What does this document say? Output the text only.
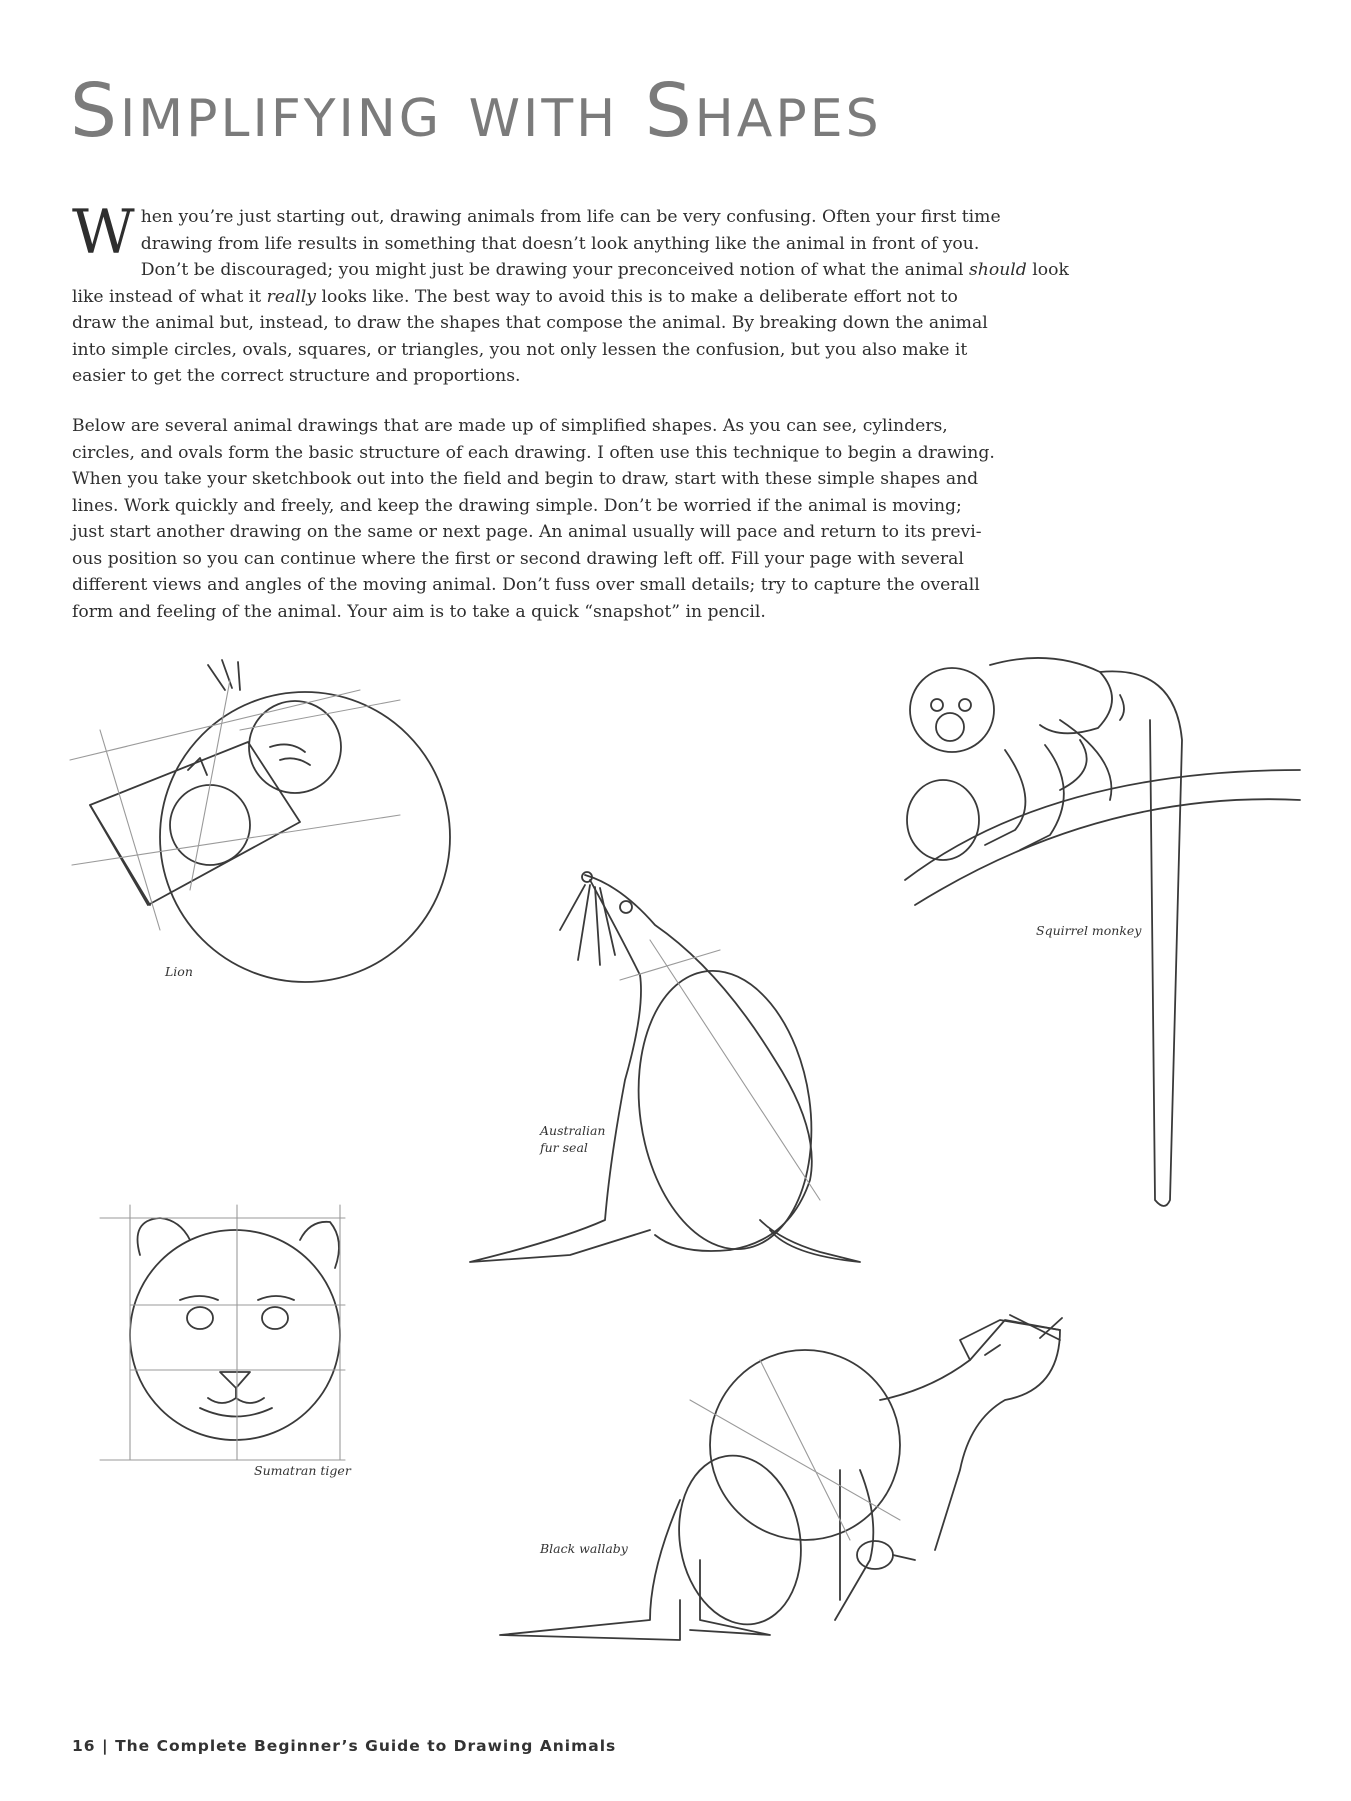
Simplifying with Shapes
W hen you’re just starting out, drawing animals from life can be very confusing. Often your first time
drawing from life results in something that doesn’t look anything like the animal in front of you.
Don’t be discouraged; you might just be drawing your preconceived notion of what the animal should look
like instead of what it really looks like. The best way to avoid this is to make a deliberate effort not to
draw the animal but, instead, to draw the shapes that compose the animal. By breaking down the animal
into simple circles, ovals, squares, or triangles, you not only lessen the confusion, but you also make it
easier to get the correct structure and proportions.
Below are several animal drawings that are made up of simplified shapes. As you can see, cylinders,
circles, and ovals form the basic structure of each drawing. I often use this technique to begin a drawing.
When you take your sketchbook out into the field and begin to draw, start with these simple shapes and
lines. Work quickly and freely, and keep the drawing simple. Don’t be worried if the animal is moving;
just start another drawing on the same or next page. An animal usually will pace and return to its previ-
ous position so you can continue where the first or second drawing left off. Fill your page with several
different views and angles of the moving animal. Don’t fuss over small details; try to capture the overall
form and feeling of the animal. Your aim is to take a quick “snapshot” in pencil.
Lion
Squirrel monkey
Australian
fur seal
Sumatran tiger
Black wallaby
16 | The Complete Beginner’s Guide to Drawing Animals
